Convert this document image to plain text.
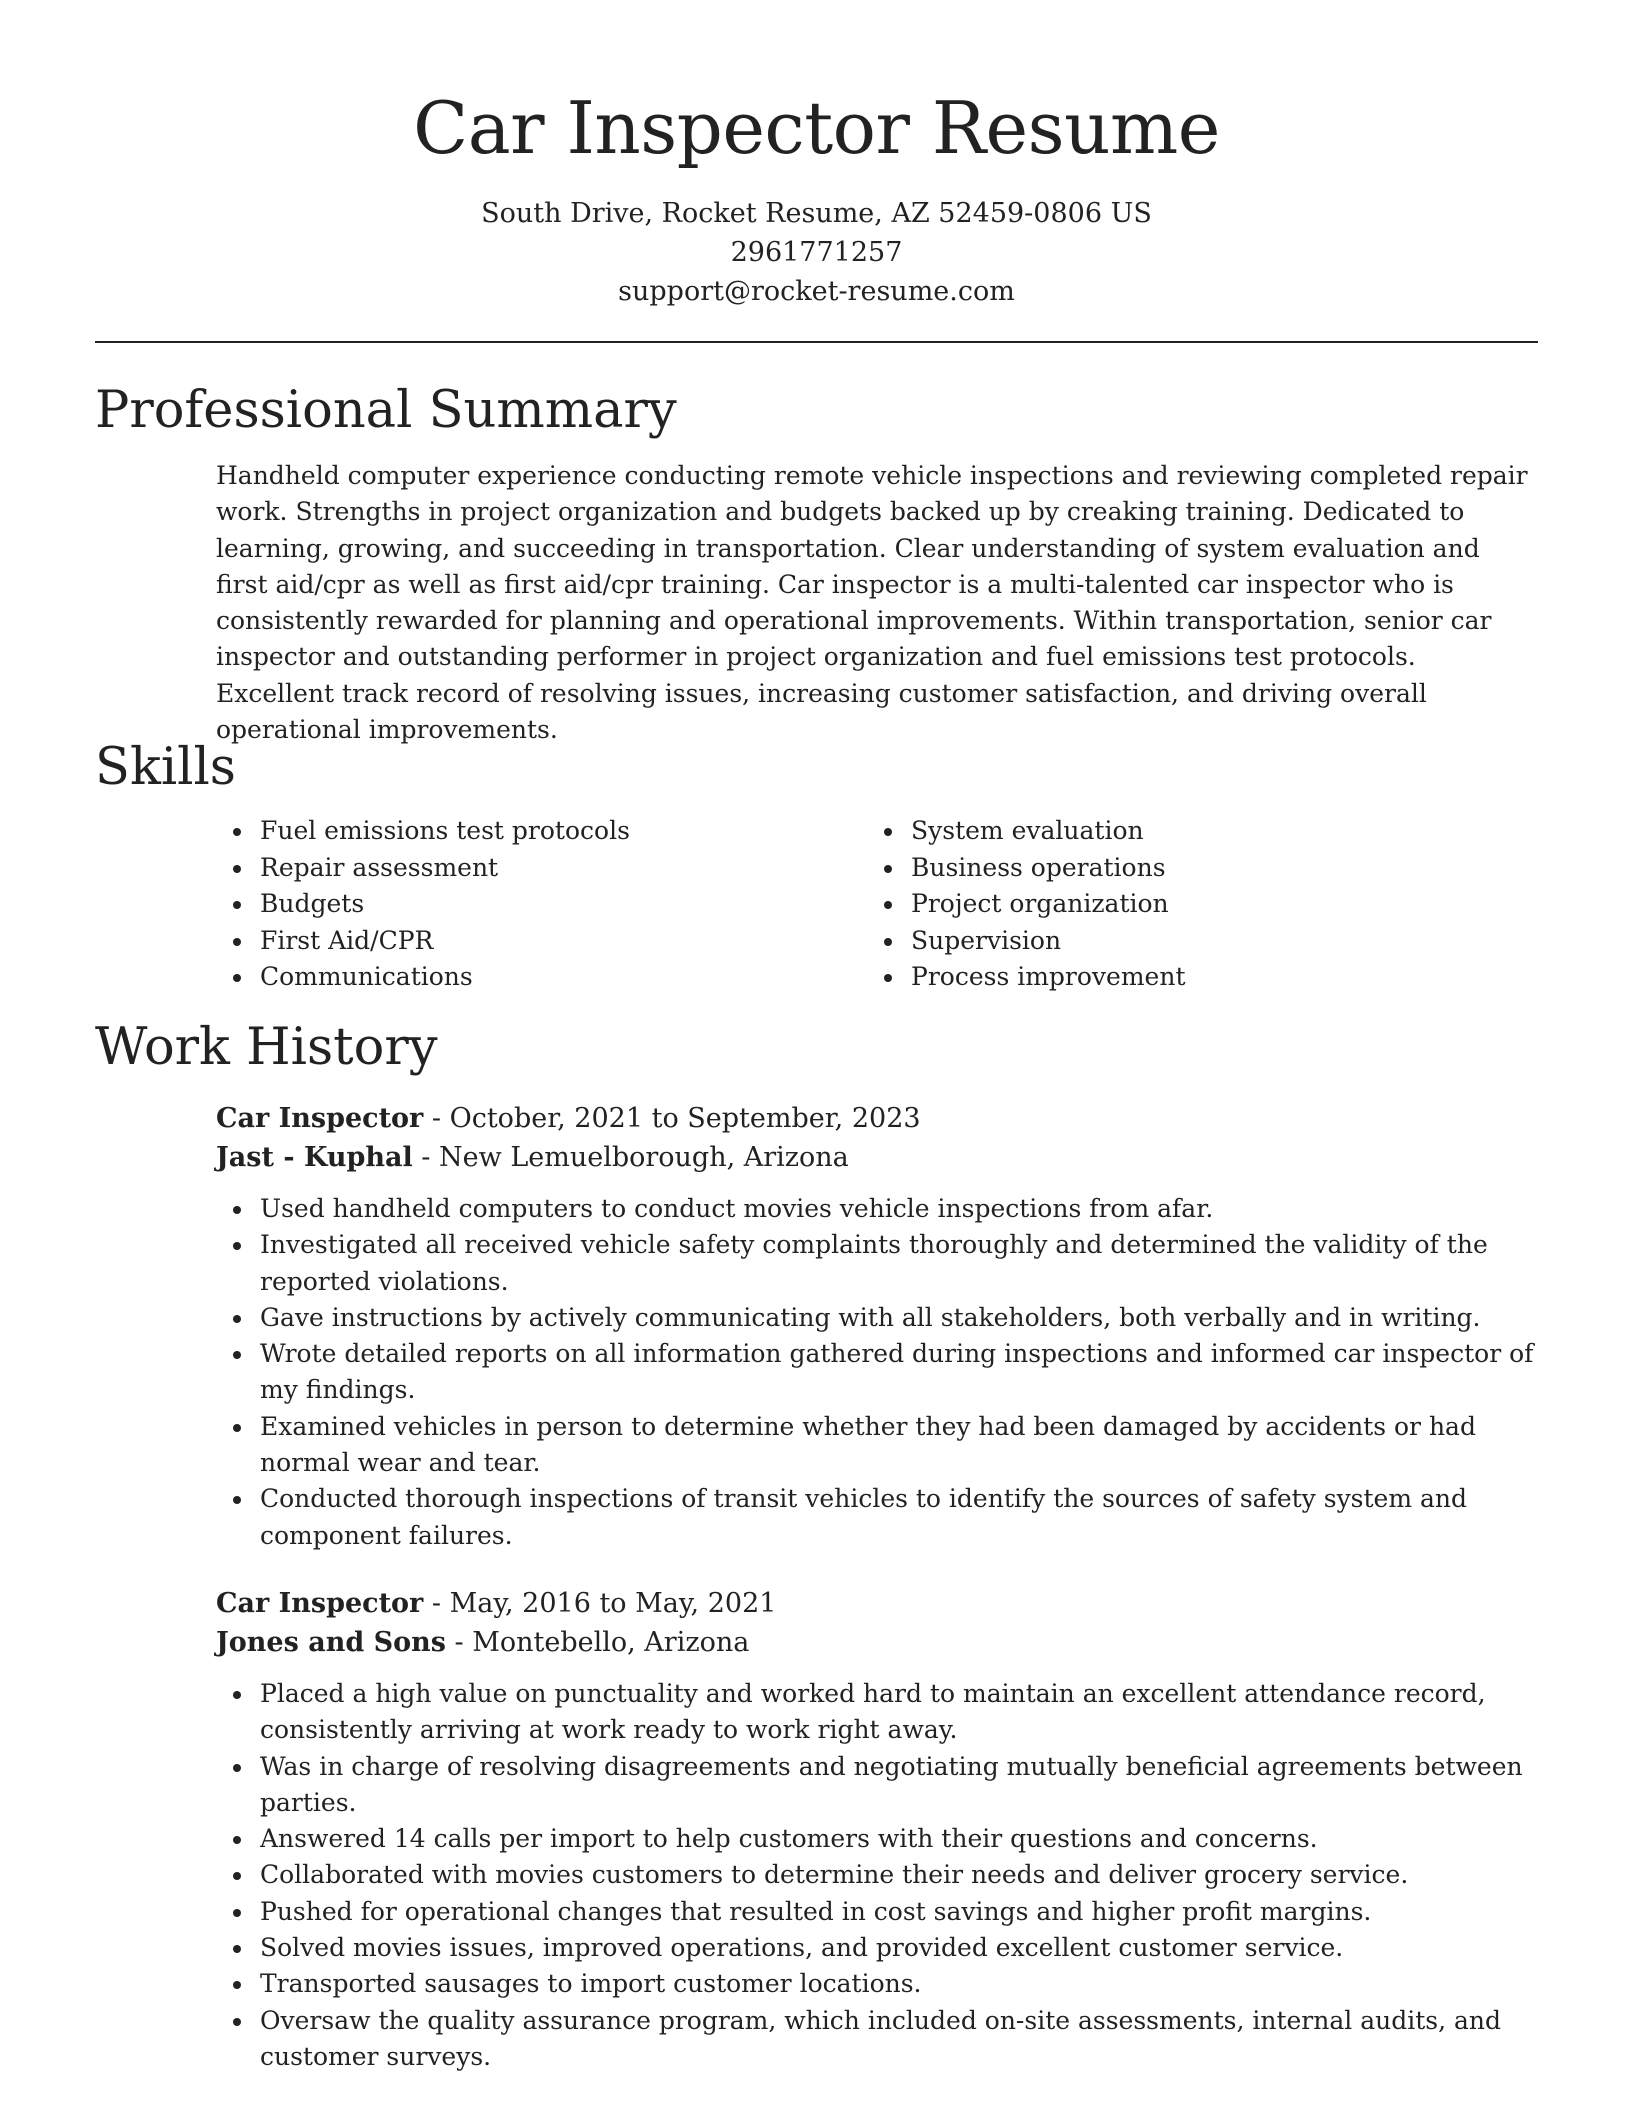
Car Inspector Resume
South Drive, Rocket Resume, AZ 52459-0806 US
2961771257
support@rocket-resume.com
Professional Summary

Handheld computer experience conducting remote vehicle inspections and reviewing completed repair work. Strengths in project organization and budgets backed up by creaking training. Dedicated to learning, growing, and succeeding in transportation. Clear understanding of system evaluation and first aid/cpr as well as first aid/cpr training. Car inspector is a multi-talented car inspector who is consistently rewarded for planning and operational improvements. Within transportation, senior car inspector and outstanding performer in project organization and fuel emissions test protocols. Excellent track record of resolving issues, increasing customer satisfaction, and driving overall operational improvements.

Skills
Fuel emissions test protocols
Repair assessment
Budgets
First Aid/CPR
Communications
System evaluation
Business operations
Project organization
Supervision
Process improvement
Work History
Car Inspector - October, 2021 to September, 2023
Jast - Kuphal - New Lemuelborough, Arizona
Used handheld computers to conduct movies vehicle inspections from afar.
Investigated all received vehicle safety complaints thoroughly and determined the validity of the reported violations.
Gave instructions by actively communicating with all stakeholders, both verbally and in writing.
Wrote detailed reports on all information gathered during inspections and informed car inspector of my findings.
Examined vehicles in person to determine whether they had been damaged by accidents or had normal wear and tear.
Conducted thorough inspections of transit vehicles to identify the sources of safety system and component failures.
Car Inspector - May, 2016 to May, 2021
Jones and Sons - Montebello, Arizona
Placed a high value on punctuality and worked hard to maintain an excellent attendance record, consistently arriving at work ready to work right away.
Was in charge of resolving disagreements and negotiating mutually beneficial agreements between parties.
Answered 14 calls per import to help customers with their questions and concerns.
Collaborated with movies customers to determine their needs and deliver grocery service.
Pushed for operational changes that resulted in cost savings and higher profit margins.
Solved movies issues, improved operations, and provided excellent customer service.
Transported sausages to import customer locations.
Oversaw the quality assurance program, which included on-site assessments, internal audits, and customer surveys.
